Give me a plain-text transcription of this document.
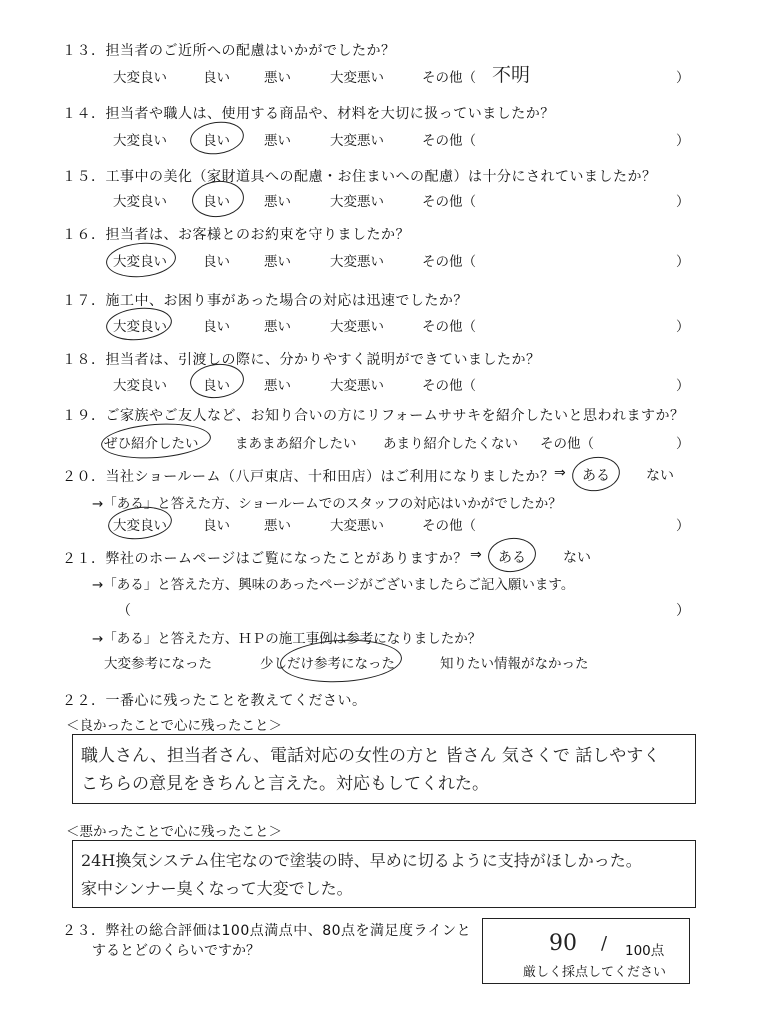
１３．担当者のご近所への配慮はいかがでしたか？
大変良い	良い	悪い	大変悪い	その他（ 不明	）
１４．担当者や職人は、使用する商品や、材料を大切に扱っていましたか？
大変良い	良い	悪い	大変悪い	その他（	）
１５．工事中の美化（家財道具への配慮・お住まいへの配慮）は十分にされていましたか？
大変良い	良い	悪い	大変悪い	その他（	）
１６．担当者は、お客様とのお約束を守りましたか？
大変良い	良い	悪い	大変悪い	その他（	）
１７．施工中、お困り事があった場合の対応は迅速でしたか？
大変良い	良い	悪い	大変悪い	その他（	）
１８．担当者は、引渡しの際に、分かりやすく説明ができていましたか？
大変良い	良い	悪い	大変悪い	その他（	）
１９．ご家族やご友人など、お知り合いの方にリフォームササキを紹介したいと思われますか？
ぜひ紹介したい	まあまあ紹介したい あまり紹介したくない その他（	）
２０．当社ショールーム（八戸東店、十和田店）はご利用になりましたか？ ⇒ ある	ない
→「ある」と答えた方、ショールームでのスタッフの対応はいかがでしたか？
大変良い	良い	悪い	大変悪い	その他（	）
２１．弊社のホームページはご覧になったことがありますか？ ⇒ ある	ない
→「ある」と答えた方、興味のあったページがございましたらご記入願います。
（	）
→「ある」と答えた方、ＨＰの施工事例は参考になりましたか？
大変参考になった	少しだけ参考になった	知りたい情報がなかった
２２．一番心に残ったことを教えてください。
＜良かったことで心に残ったこと＞
職人さん、担当者さん、電話対応の女性の方と 皆さん 気さくで 話しやすく
こちらの意見をきちんと言えた。対応もしてくれた。
＜悪かったことで心に残ったこと＞
24H換気システム住宅なので塗装の時、早めに切るように支持がほしかった。
家中シンナー臭くなって大変でした。
２３．弊社の総合評価は100点満点中、80点を満足度ラインと
するとどのくらいですか？	90 / 100点
厳しく採点してください
